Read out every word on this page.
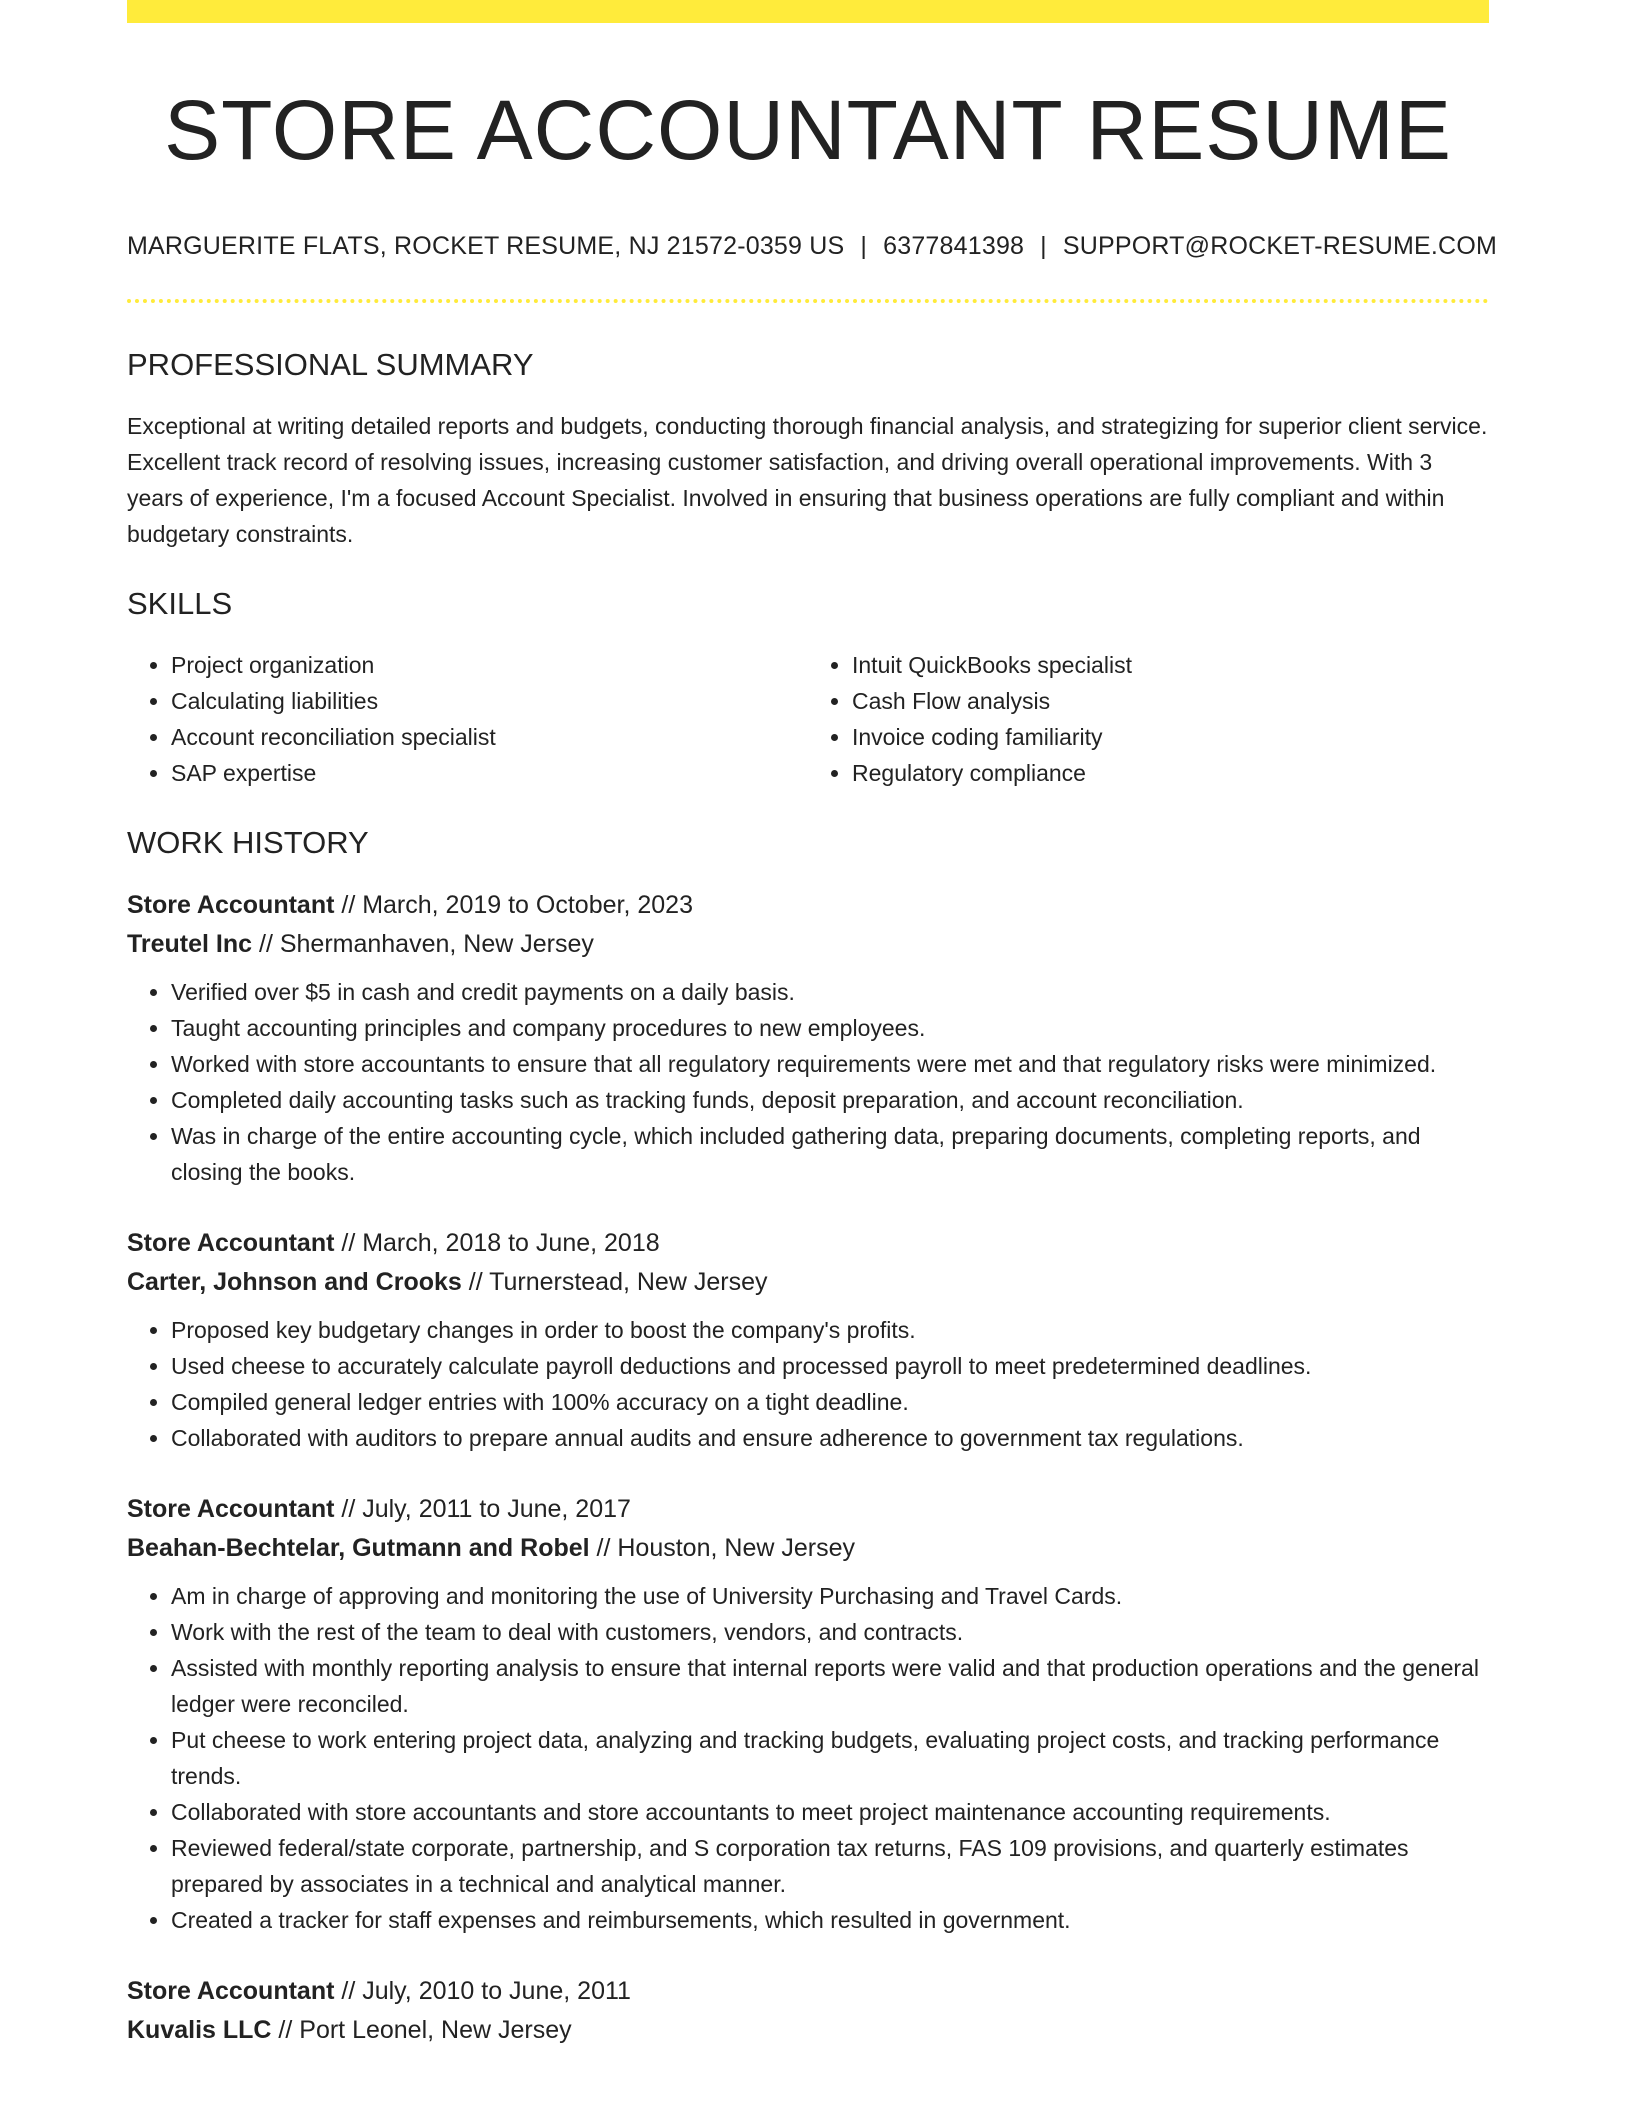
STORE ACCOUNTANT RESUME
MARGUERITE FLATS, ROCKET RESUME, NJ 21572-0359 US | 6377841398 | SUPPORT@ROCKET-RESUME.COM
PROFESSIONAL SUMMARY
Exceptional at writing detailed reports and budgets, conducting thorough financial analysis, and strategizing for superior client service. Excellent track record of resolving issues, increasing customer satisfaction, and driving overall operational improvements. With 3 years of experience, I'm a focused Account Specialist. Involved in ensuring that business operations are fully compliant and within budgetary constraints.
SKILLS
• Project organization
• Calculating liabilities
• Account reconciliation specialist
• SAP expertise
• Intuit QuickBooks specialist
• Cash Flow analysis
• Invoice coding familiarity
• Regulatory compliance
WORK HISTORY
Store Accountant // March, 2019 to October, 2023
Treutel Inc // Shermanhaven, New Jersey
• Verified over $5 in cash and credit payments on a daily basis.
• Taught accounting principles and company procedures to new employees.
• Worked with store accountants to ensure that all regulatory requirements were met and that regulatory risks were minimized.
• Completed daily accounting tasks such as tracking funds, deposit preparation, and account reconciliation.
• Was in charge of the entire accounting cycle, which included gathering data, preparing documents, completing reports, and closing the books.
Store Accountant // March, 2018 to June, 2018
Carter, Johnson and Crooks // Turnerstead, New Jersey
• Proposed key budgetary changes in order to boost the company's profits.
• Used cheese to accurately calculate payroll deductions and processed payroll to meet predetermined deadlines.
• Compiled general ledger entries with 100% accuracy on a tight deadline.
• Collaborated with auditors to prepare annual audits and ensure adherence to government tax regulations.
Store Accountant // July, 2011 to June, 2017
Beahan-Bechtelar, Gutmann and Robel // Houston, New Jersey
• Am in charge of approving and monitoring the use of University Purchasing and Travel Cards.
• Work with the rest of the team to deal with customers, vendors, and contracts.
• Assisted with monthly reporting analysis to ensure that internal reports were valid and that production operations and the general ledger were reconciled.
• Put cheese to work entering project data, analyzing and tracking budgets, evaluating project costs, and tracking performance trends.
• Collaborated with store accountants and store accountants to meet project maintenance accounting requirements.
• Reviewed federal/state corporate, partnership, and S corporation tax returns, FAS 109 provisions, and quarterly estimates prepared by associates in a technical and analytical manner.
• Created a tracker for staff expenses and reimbursements, which resulted in government.
Store Accountant // July, 2010 to June, 2011
Kuvalis LLC // Port Leonel, New Jersey
